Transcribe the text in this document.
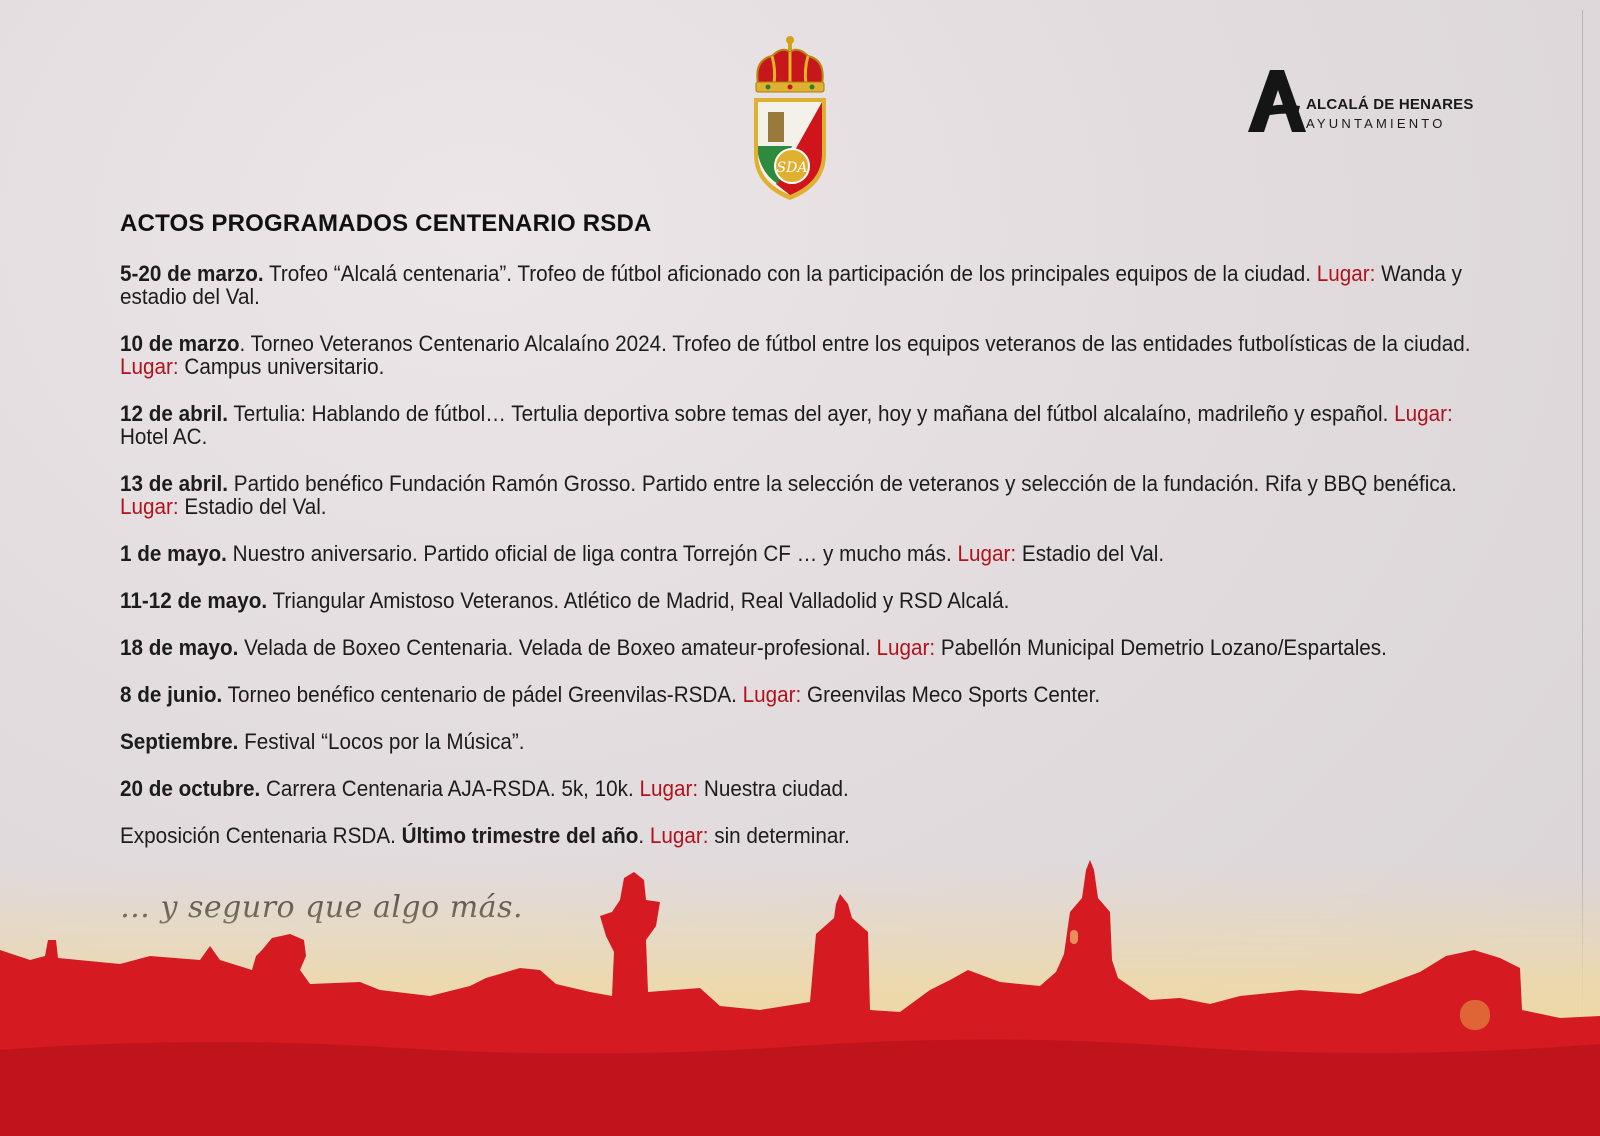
SDA
ALCALÁ DE HENARES
AYUNTAMIENTO
ACTOS PROGRAMADOS CENTENARIO RSDA
5-20 de marzo. Trofeo “Alcalá centenaria”. Trofeo de fútbol aficionado con la participación de los principales equipos de la ciudad. Lugar: Wanda y estadio del Val.
10 de marzo. Torneo Veteranos Centenario Alcalaíno 2024. Trofeo de fútbol entre los equipos veteranos de las entidades futbolísticas de la ciudad. Lugar: Campus universitario.
12 de abril. Tertulia: Hablando de fútbol… Tertulia deportiva sobre temas del ayer, hoy y mañana del fútbol alcalaíno, madrileño y español. Lugar: Hotel AC.
13 de abril. Partido benéfico Fundación Ramón Grosso. Partido entre la selección de veteranos y selección de la fundación. Rifa y BBQ benéfica. Lugar: Estadio del Val.
1 de mayo. Nuestro aniversario. Partido oficial de liga contra Torrejón CF … y mucho más. Lugar: Estadio del Val.
11-12 de mayo. Triangular Amistoso Veteranos. Atlético de Madrid, Real Valladolid y RSD Alcalá.
18 de mayo. Velada de Boxeo Centenaria. Velada de Boxeo amateur-profesional. Lugar: Pabellón Municipal Demetrio Lozano/Espartales.
8 de junio. Torneo benéfico centenario de pádel Greenvilas-RSDA. Lugar: Greenvilas Meco Sports Center.
Septiembre. Festival “Locos por la Música”.
20 de octubre. Carrera Centenaria AJA-RSDA. 5k, 10k. Lugar: Nuestra ciudad.
Exposición Centenaria RSDA. Último trimestre del año. Lugar: sin determinar.
